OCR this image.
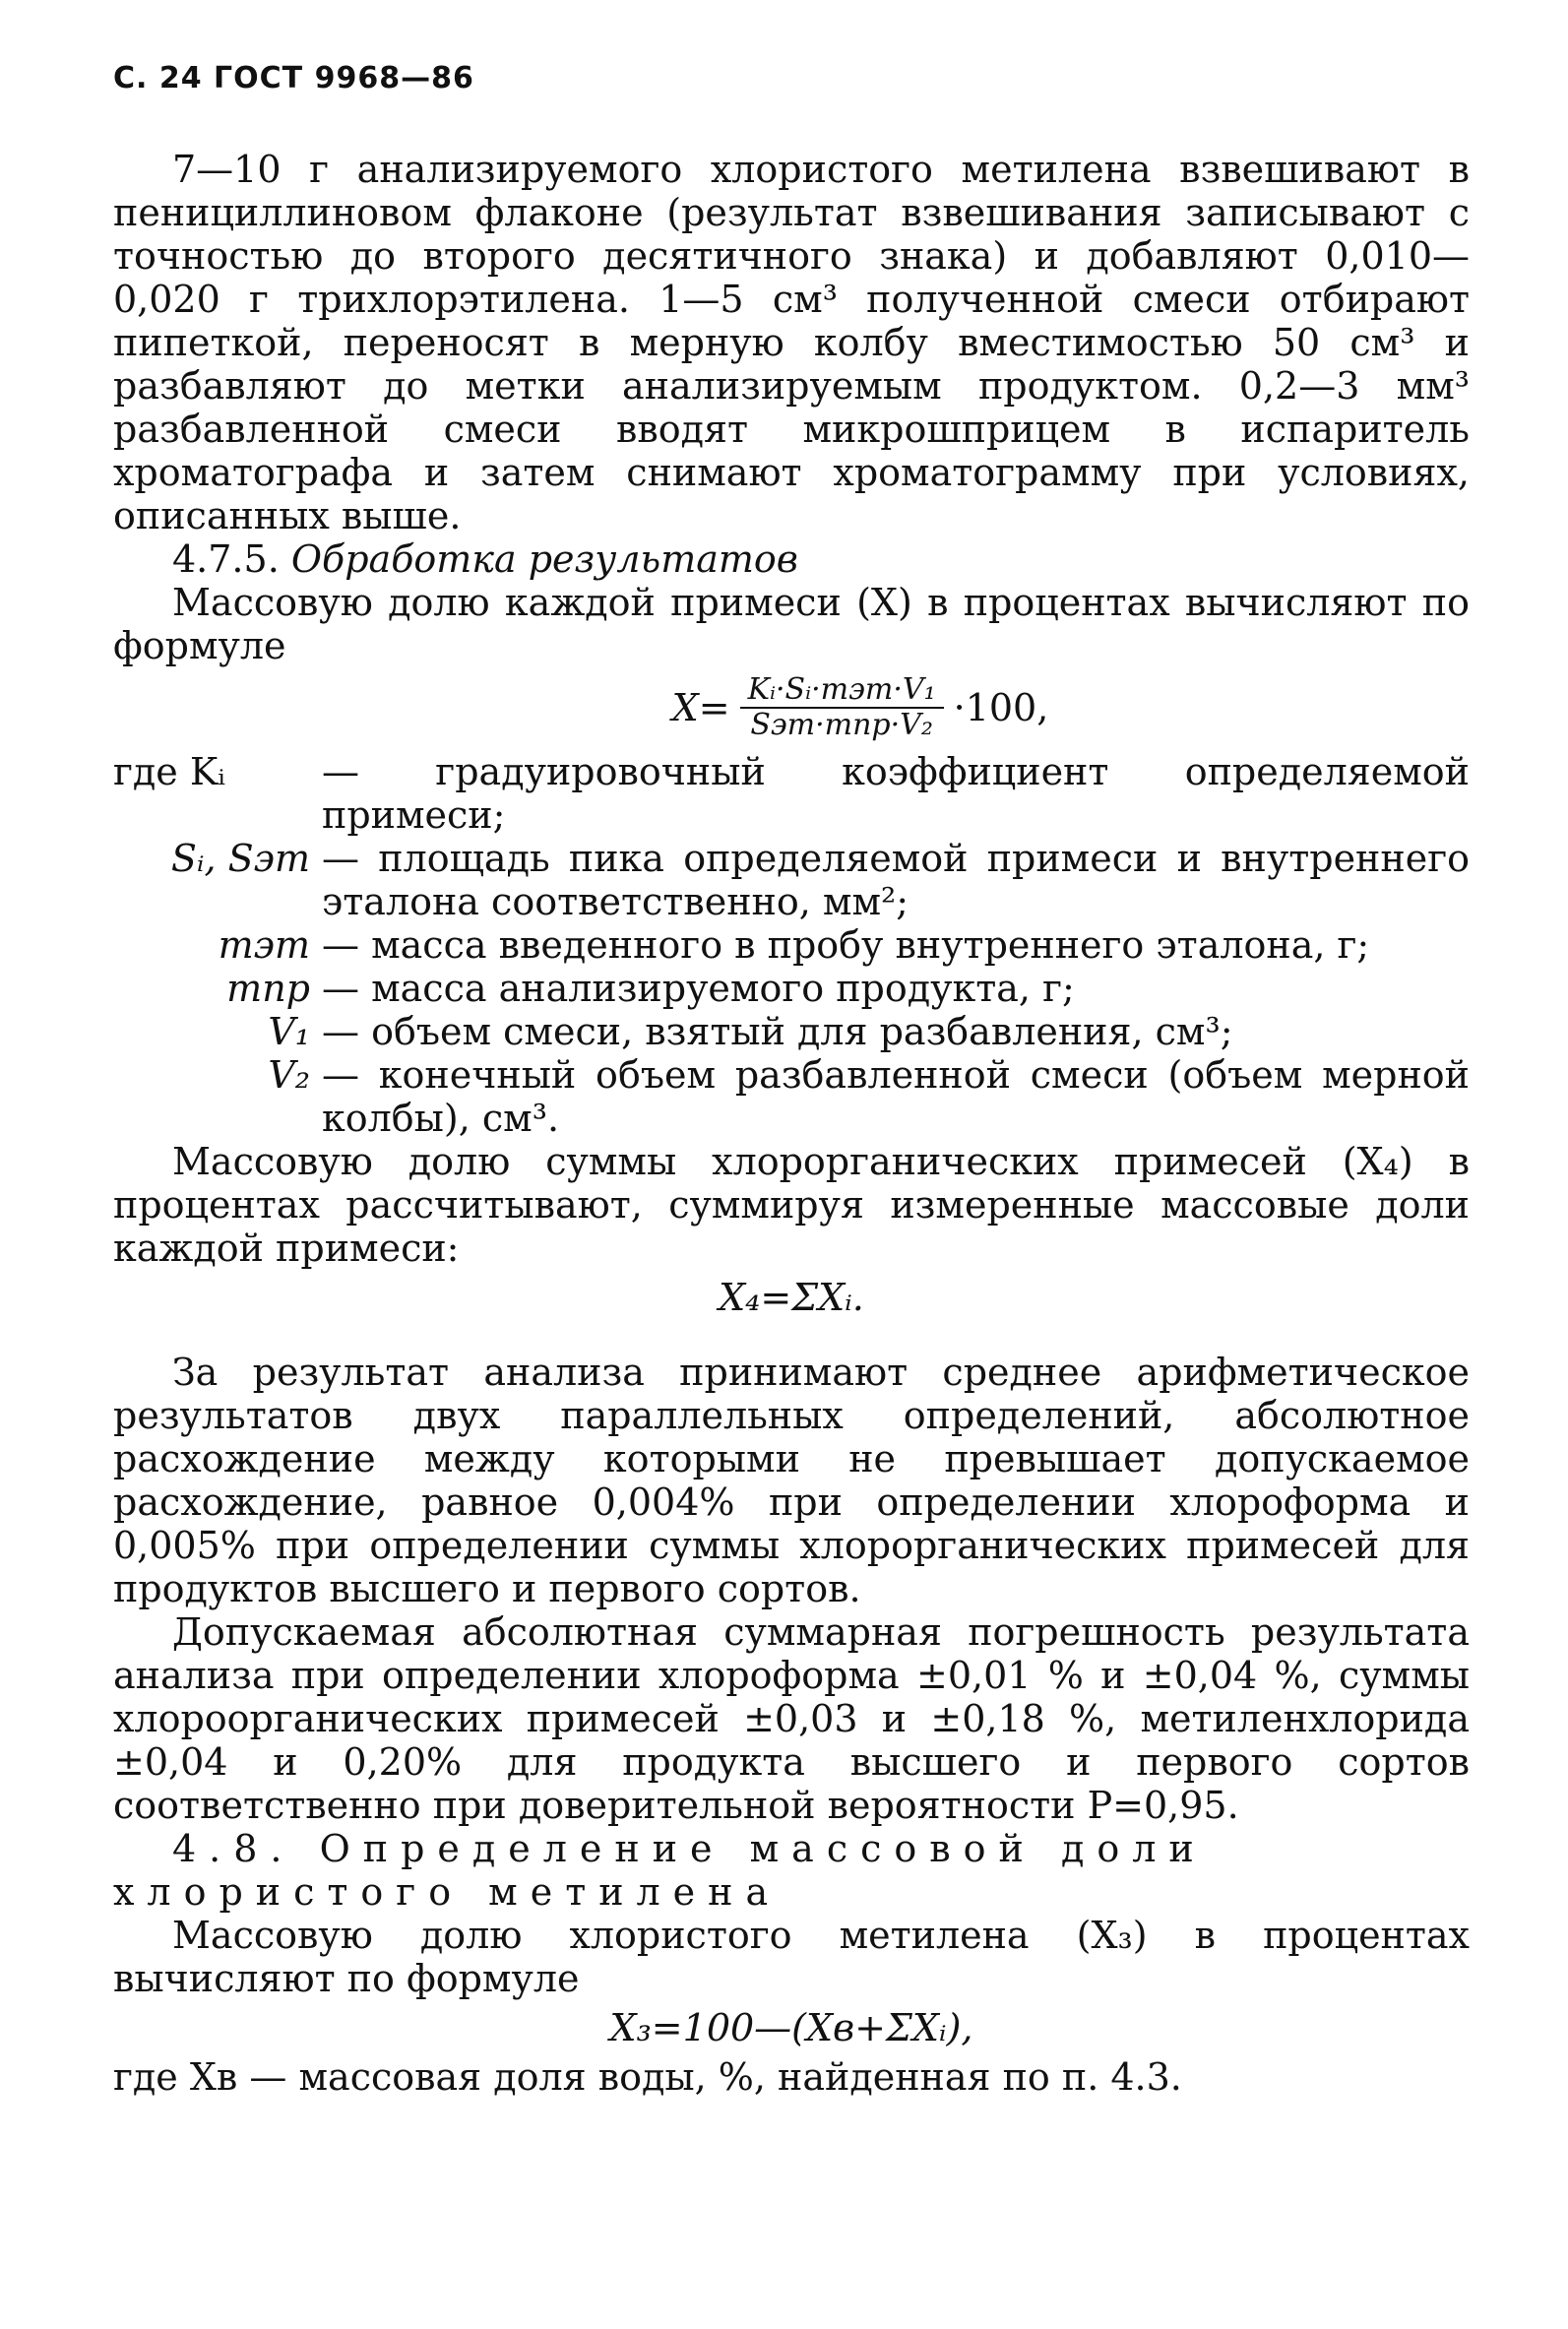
С. 24 ГОСТ 9968—86

7—10 г анализируемого хлористого метилена взвешивают в пенициллиновом флаконе (результат взвешивания записывают с точностью до второго десятичного знака) и добавляют 0,010—0,020 г трихлорэтилена. 1—5 см³ полученной смеси отбирают пипеткой, переносят в мерную колбу вместимостью 50 см³ и разбавляют до метки анализируемым продуктом. 0,2—3 мм³ разбавленной смеси вводят микрошприцем в испаритель хроматографа и затем снимают хроматограмму при условиях, описанных выше.

4.7.5. Обработка результатов

Массовую долю каждой примеси (X) в процентах вычисляют по формуле

$X= \frac{\text{Kᵢ·Sᵢ·mэт·V₁}}{\text{Sэт·mпр·V₂}} \cdot 100$,
где Kᵢ	— градуировочный коэффициент определяемой примеси;
Sᵢ, Sэт — площадь пика определяемой примеси и внутреннего эталона соответственно, мм²;
mэт — масса введенного в пробу внутреннего эталона, г;
mпр — масса анализируемого продукта, г;
V₁ — объем смеси, взятый для разбавления, см³;
V₂ — конечный объем разбавленной смеси (объем мерной колбы), см³.

Массовую долю суммы хлорорганических примесей (X₄) в процентах рассчитывают, суммируя измеренные массовые доли каждой примеси:

X₄=ΣXᵢ.

За результат анализа принимают среднее арифметическое результатов двух параллельных определений, абсолютное расхождение между которыми не превышает допускаемое расхождение, равное 0,004% при определении хлороформа и 0,005% при определении суммы хлорорганических примесей для продуктов высшего и первого сортов.

Допускаемая абсолютная суммарная погрешность результата анализа при определении хлороформа ±0,01 % и ±0,04 %, суммы хлороорганических примесей ±0,03 и ±0,18 %, метиленхлорида ±0,04 и 0,20% для продукта высшего и первого сортов соответственно при доверительной вероятности P=0,95.

4.8. Определение массовой доли хлористого метилена

Массовую долю хлористого метилена (X₃) в процентах вычисляют по формуле

X₃=100—(Xв+ΣXᵢ),

где Xв — массовая доля воды, %, найденная по п. 4.3.
